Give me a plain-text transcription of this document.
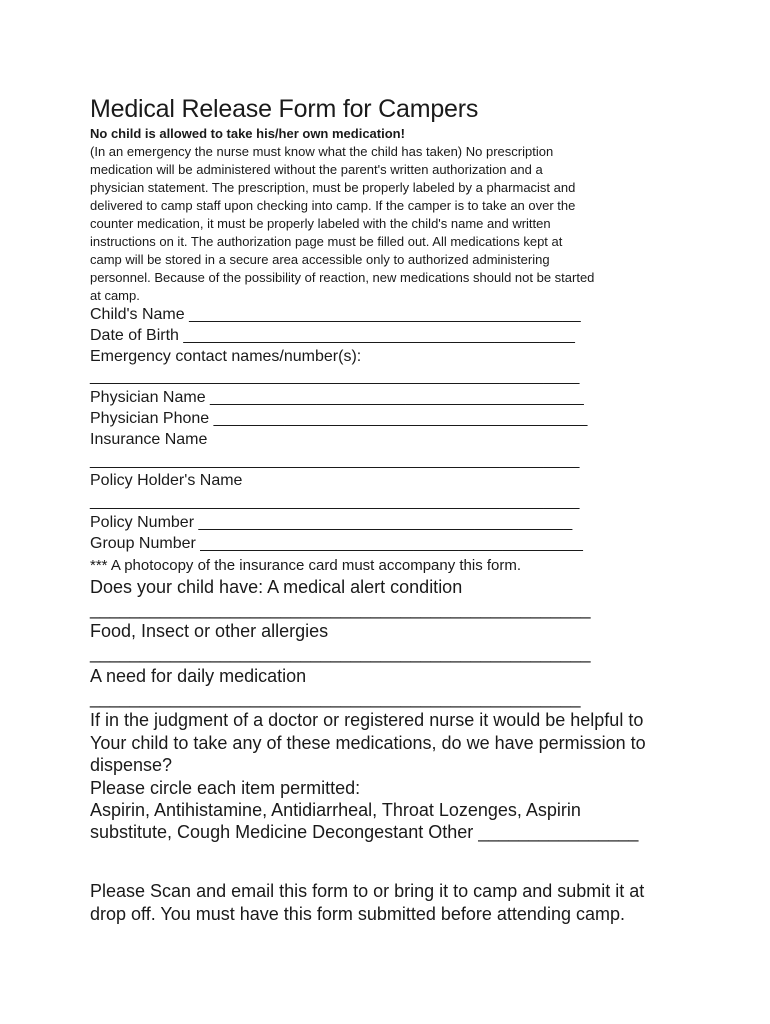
Medical Release Form for Campers
No child is allowed to take his/her own medication!
(In an emergency the nurse must know what the child has taken) No prescription
medication will be administered without the parent's written authorization and a
physician statement. The prescription, must be properly labeled by a pharmacist and
delivered to camp staff upon checking into camp. If the camper is to take an over the
counter medication, it must be properly labeled with the child's name and written
instructions on it. The authorization page must be filled out. All medications kept at
camp will be stored in a secure area accessible only to authorized administering
personnel. Because of the possibility of reaction, new medications should not be started
at camp.
Child's Name ____________________________________________
Date of Birth ____________________________________________
Emergency contact names/number(s):
_______________________________________________________
Physician Name __________________________________________
Physician Phone __________________________________________
Insurance Name
_______________________________________________________
Policy Holder's Name
_______________________________________________________
Policy Number __________________________________________
Group Number ___________________________________________
*** A photocopy of the insurance card must accompany this form.
Does your child have: A medical alert condition
__________________________________________________
Food, Insect or other allergies
__________________________________________________
A need for daily medication
_________________________________________________
If in the judgment of a doctor or registered nurse it would be helpful to
Your child to take any of these medications, do we have permission to
dispense?
Please circle each item permitted:
Aspirin, Antihistamine, Antidiarrheal, Throat Lozenges, Aspirin
substitute, Cough Medicine Decongestant Other ________________
Please Scan and email this form to or bring it to camp and submit it at
drop off. You must have this form submitted before attending camp.
